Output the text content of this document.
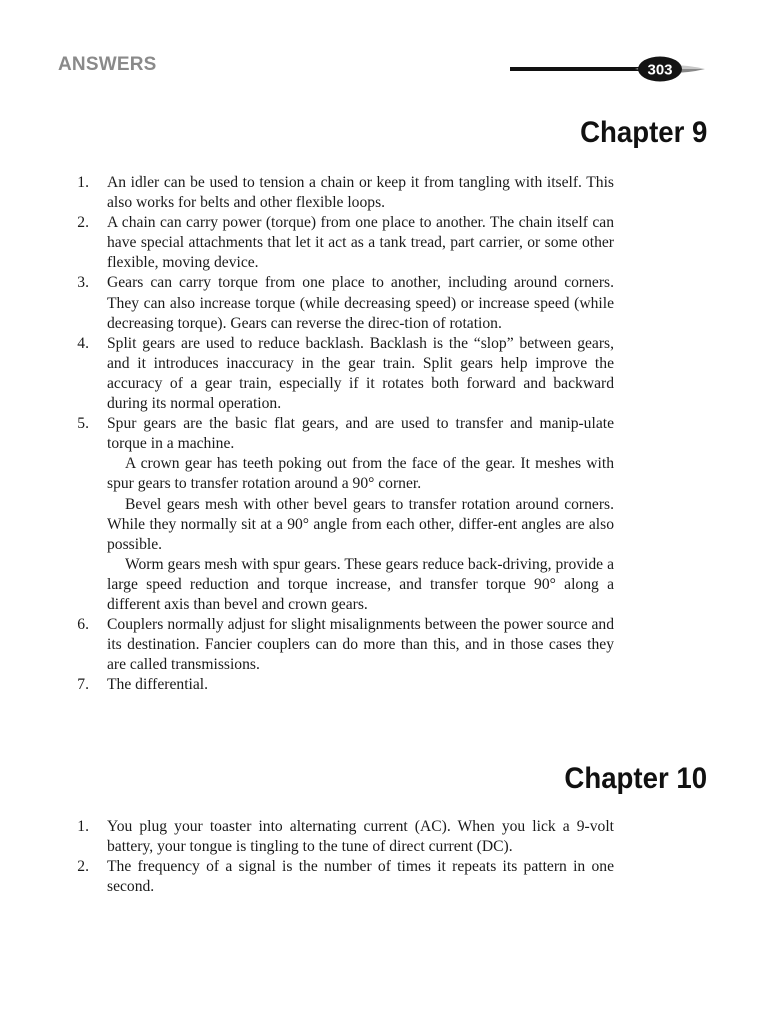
ANSWERS	303
Chapter 9
1. An idler can be used to tension a chain or keep it from tangling with itself. This also works for belts and other flexible loops.

2. A chain can carry power (torque) from one place to another. The chain itself can have special attachments that let it act as a tank tread, part carrier, or some other flexible, moving device.

3. Gears can carry torque from one place to another, including around corners. They can also increase torque (while decreasing speed) or increase speed (while decreasing torque). Gears can reverse the direc-tion of rotation.

4. Split gears are used to reduce backlash. Backlash is the “slop” between gears, and it introduces inaccuracy in the gear train. Split gears help improve the accuracy of a gear train, especially if it rotates both forward and backward during its normal operation.

5. Spur gears are the basic flat gears, and are used to transfer and manip-ulate torque in a machine.

A crown gear has teeth poking out from the face of the gear. It meshes with spur gears to transfer rotation around a 90° corner.

Bevel gears mesh with other bevel gears to transfer rotation around corners. While they normally sit at a 90° angle from each other, differ-ent angles are also possible.

Worm gears mesh with spur gears. These gears reduce back-driving, provide a large speed reduction and torque increase, and transfer torque 90° along a different axis than bevel and crown gears.

6. Couplers normally adjust for slight misalignments between the power source and its destination. Fancier couplers can do more than this, and in those cases they are called transmissions.

7. The differential.

Chapter 10
1. You plug your toaster into alternating current (AC). When you lick a 9-volt battery, your tongue is tingling to the tune of direct current (DC).

2. The frequency of a signal is the number of times it repeats its pattern in one second.
